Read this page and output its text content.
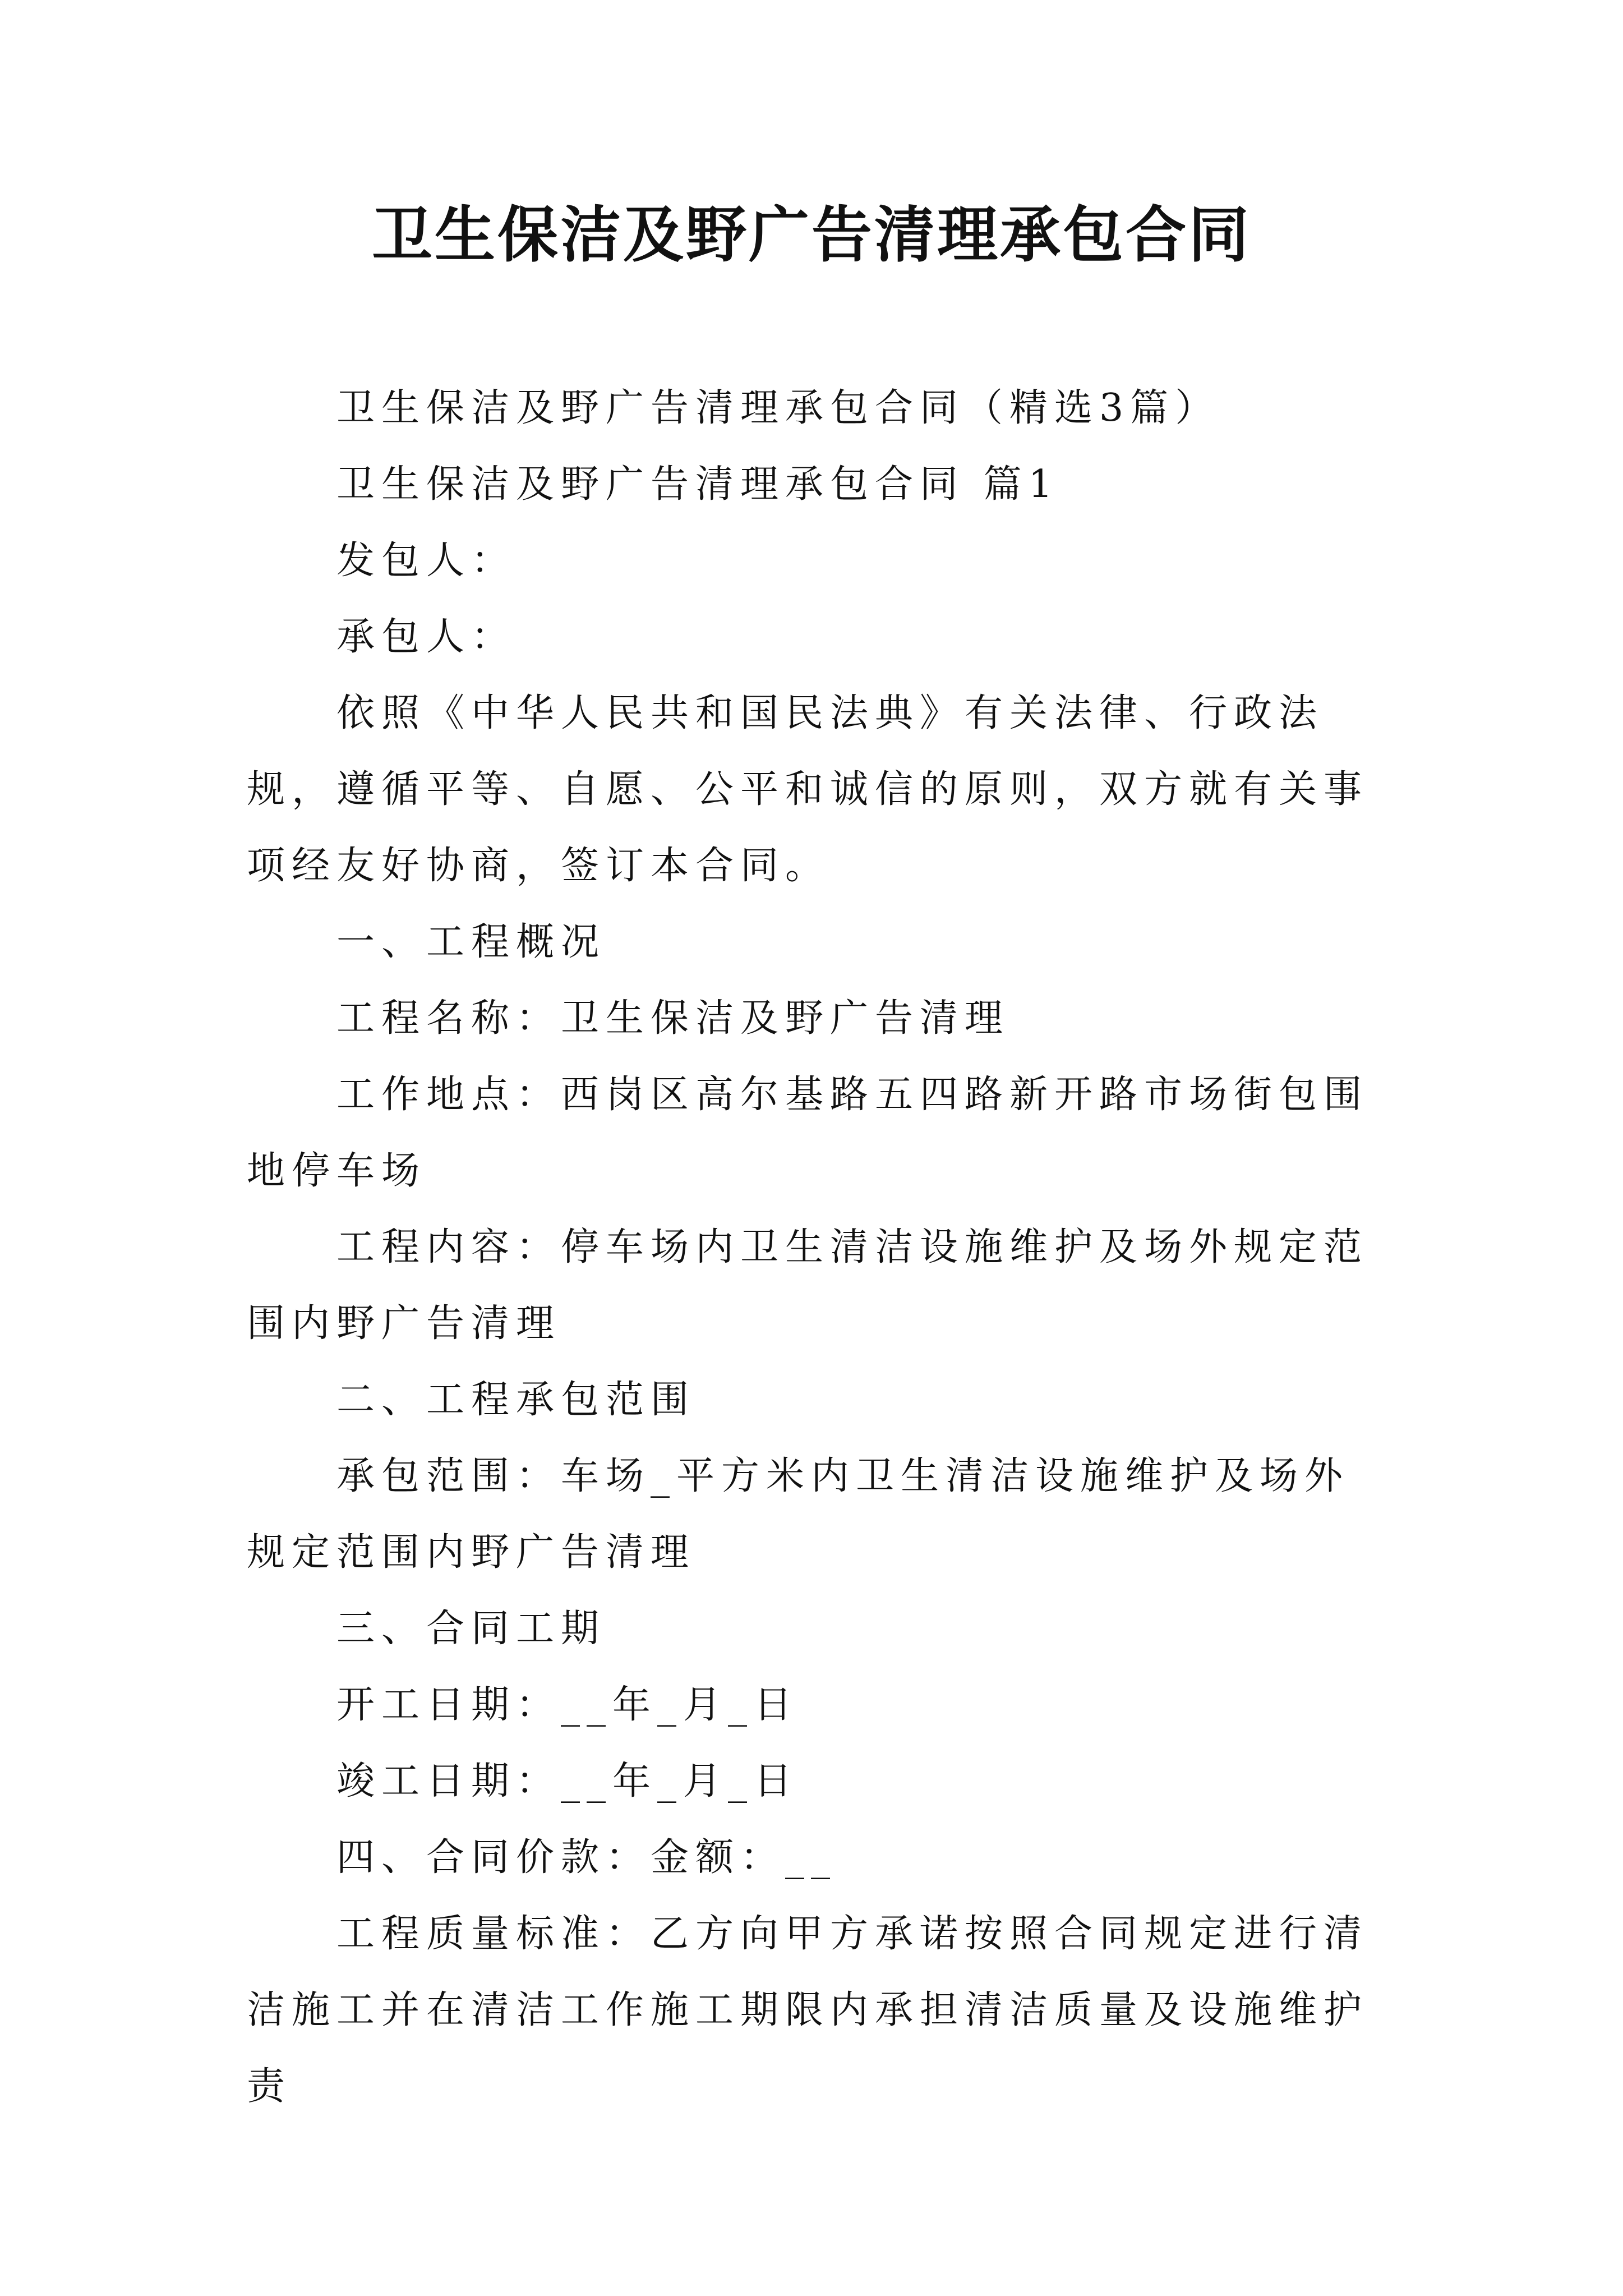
卫生保洁及野广告清理承包合同

卫生保洁及野广告清理承包合同（精选3篇）

卫生保洁及野广告清理承包合同 篇1

发包人：

承包人：

依照《中华人民共和国民法典》有关法律、行政法规，遵循平等、自愿、公平和诚信的原则，双方就有关事项经友好协商，签订本合同。

一、工程概况

工程名称：卫生保洁及野广告清理

工作地点：西岗区高尔基路五四路新开路市场街包围地停车场

工程内容：停车场内卫生清洁设施维护及场外规定范围内野广告清理

二、工程承包范围

承包范围：车场_平方米内卫生清洁设施维护及场外规定范围内野广告清理

三、合同工期

开工日期：__年_月_日

竣工日期：__年_月_日

四、合同价款：金额：__

工程质量标准：乙方向甲方承诺按照合同规定进行清洁施工并在清洁工作施工期限内承担清洁质量及设施维护责
